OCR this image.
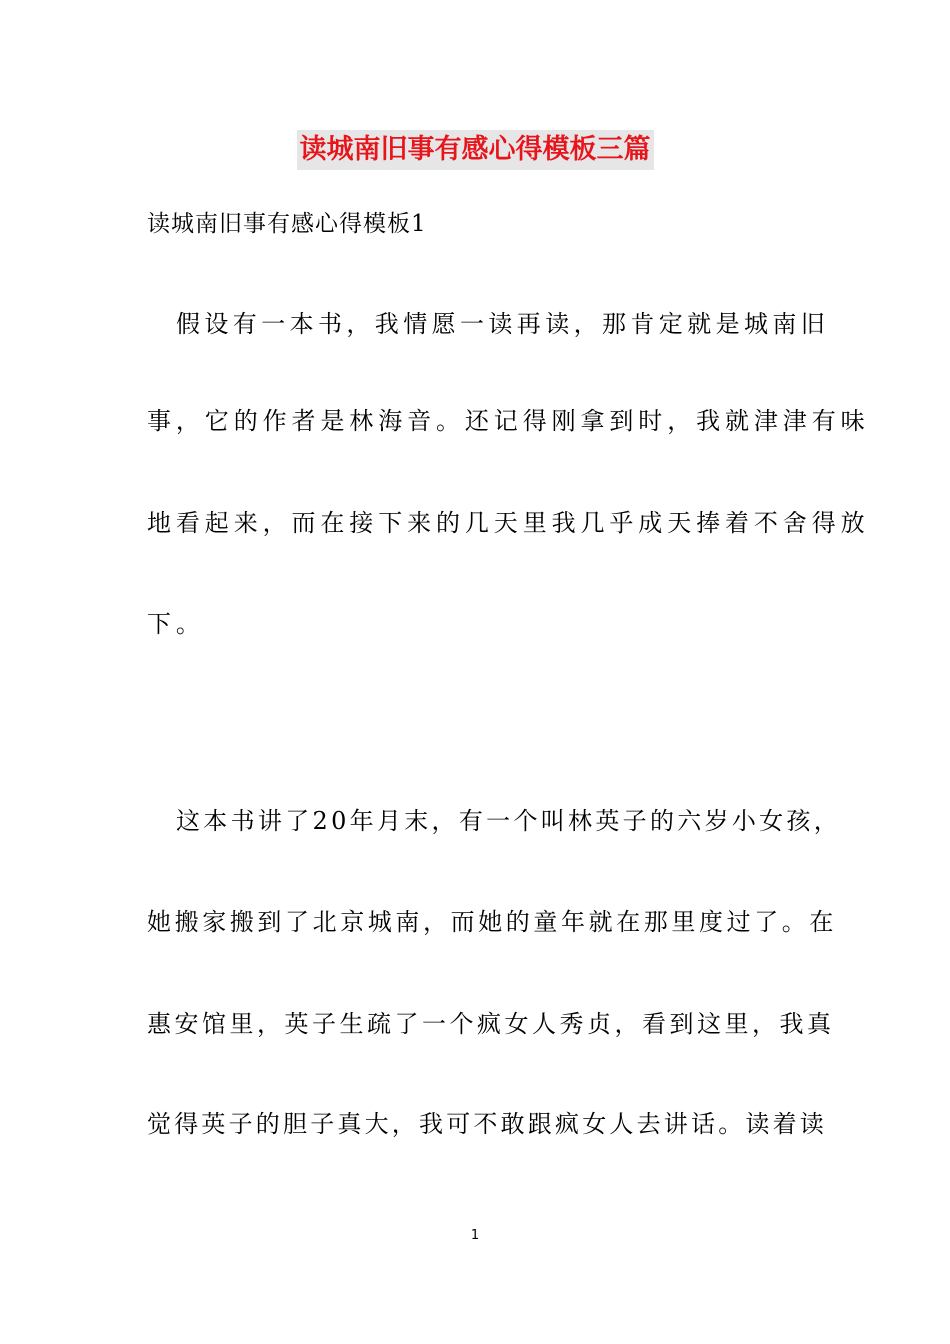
读城南旧事有感心得模板三篇
读城南旧事有感心得模板1
假设有一本书，我情愿一读再读，那肯定就是城南旧
事，它的作者是林海音。还记得刚拿到时，我就津津有味
地看起来，而在接下来的几天里我几乎成天捧着不舍得放
下。
这本书讲了20年月末，有一个叫林英子的六岁小女孩，
她搬家搬到了北京城南，而她的童年就在那里度过了。在
惠安馆里，英子生疏了一个疯女人秀贞，看到这里，我真
觉得英子的胆子真大，我可不敢跟疯女人去讲话。读着读
1
